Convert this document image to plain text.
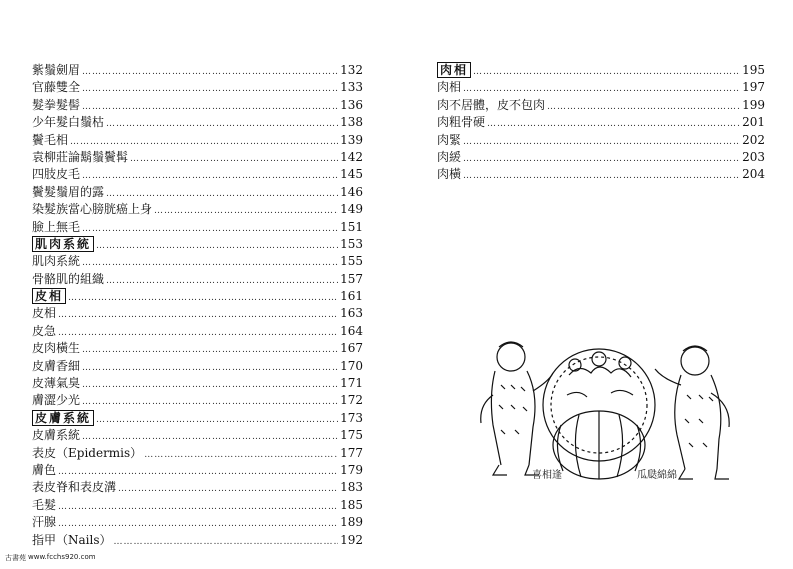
紫鬚劍眉 ………………………………………………………………………………………………………………………………	132
官藤雙全 ………………………………………………………………………………………………………………………………	133
髮拳髮髻 ………………………………………………………………………………………………………………………………	136
少年髮白鬚枯 ………………………………………………………………………………………………………………………………	138
鬢毛相 ………………………………………………………………………………………………………………………………	139
袁柳莊論鬍鬚鬢髯 ………………………………………………………………………………………………………………………………	142
四肢皮毛 ………………………………………………………………………………………………………………………………	145
鬢髮鬚眉的露 ………………………………………………………………………………………………………………………………	146
染髮族當心膀胱癌上身 ………………………………………………………………………………………………………………………………	149
臉上無毛 ………………………………………………………………………………………………………………………………	151
肌肉系統 ………………………………………………………………………………………………………………………………	153
肌肉系統 ………………………………………………………………………………………………………………………………	155
骨骼肌的組織 ………………………………………………………………………………………………………………………………	157
皮相 ………………………………………………………………………………………………………………………………	161
皮相 ………………………………………………………………………………………………………………………………	163
皮急 ………………………………………………………………………………………………………………………………	164
皮肉橫生 ………………………………………………………………………………………………………………………………	167
皮膚香細 ………………………………………………………………………………………………………………………………	170
皮薄氣臭 ………………………………………………………………………………………………………………………………	171
膚澀少光 ………………………………………………………………………………………………………………………………	172
皮膚系統 ………………………………………………………………………………………………………………………………	173
皮膚系統 ………………………………………………………………………………………………………………………………	175
表皮（Epidermis） ………………………………………………………………………………………………………………………………	177
膚色 ………………………………………………………………………………………………………………………………	179
表皮脊和表皮溝 ………………………………………………………………………………………………………………………………	183
毛髮 ………………………………………………………………………………………………………………………………	185
汗腺 ………………………………………………………………………………………………………………………………	189
指甲（Nails） ………………………………………………………………………………………………………………………………	192
肉相 ………………………………………………………………………………………………………………………………	195
肉相 ………………………………………………………………………………………………………………………………	197
肉不居體，皮不包肉 ………………………………………………………………………………………………………………………………	199
肉粗骨硬 ………………………………………………………………………………………………………………………………	201
肉緊 ………………………………………………………………………………………………………………………………	202
肉緩 ………………………………………………………………………………………………………………………………	203
肉橫 ………………………………………………………………………………………………………………………………	204
喜相逢	瓜瓞綿綿
古書苑 www.fcchs920.com
